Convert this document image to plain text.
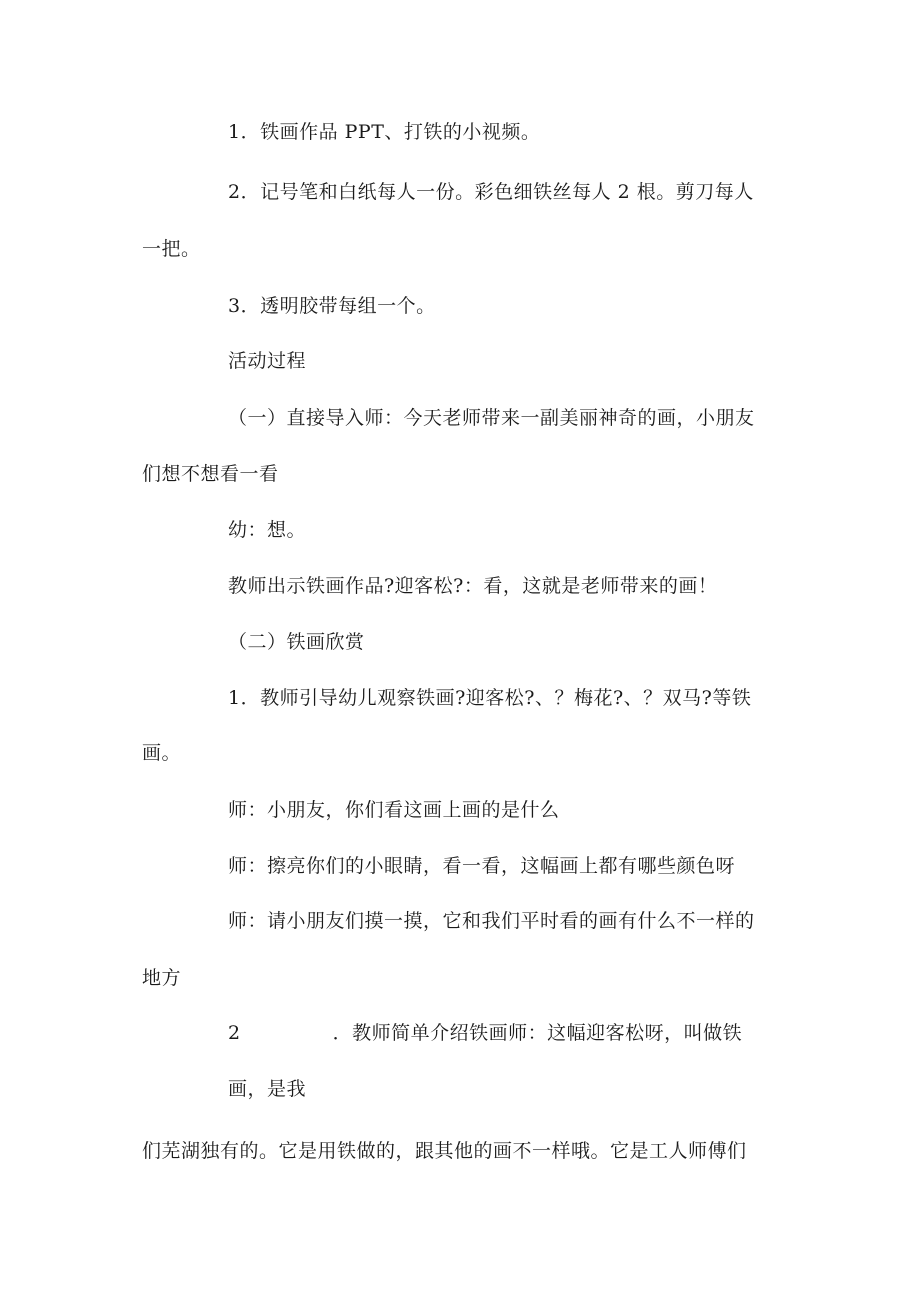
1．铁画作品 PPT、打铁的小视频。
2．记号笔和白纸每人一份。彩色细铁丝每人 2 根。剪刀每人
一把。
3．透明胶带每组一个。
活动过程
（一）直接导入师：今天老师带来一副美丽神奇的画，小朋友
们想不想看一看
幼：想。
教师出示铁画作品?迎客松?：看，这就是老师带来的画！
（二）铁画欣赏
1．教师引导幼儿观察铁画?迎客松?、？梅花?、？双马?等铁
画。
师：小朋友，你们看这画上画的是什么
师：擦亮你们的小眼睛，看一看，这幅画上都有哪些颜色呀
师：请小朋友们摸一摸，它和我们平时看的画有什么不一样的
地方
2	．教师简单介绍铁画师：这幅迎客松呀，叫做铁
画，是我
们芜湖独有的。它是用铁做的，跟其他的画不一样哦。它是工人师傅们
